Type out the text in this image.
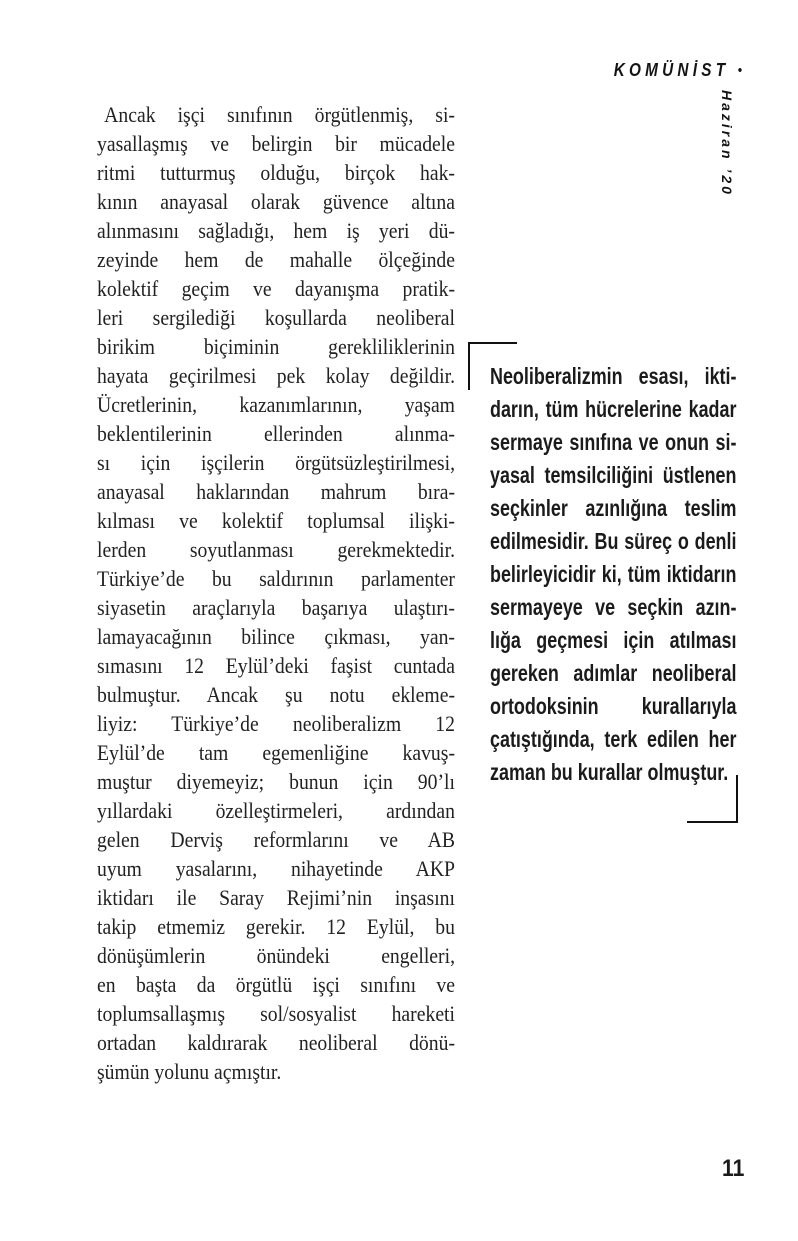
KOMÜNİST •
Haziran ’20
Ancak işçi sınıfının örgütlenmiş, si-
yasallaşmış ve belirgin bir mücadele
ritmi tutturmuş olduğu, birçok hak-
kının anayasal olarak güvence altına
alınmasını sağladığı, hem iş yeri dü-
zeyinde hem de mahalle ölçeğinde
kolektif geçim ve dayanışma pratik-
leri sergilediği koşullarda neoliberal
birikim biçiminin gerekliliklerinin
hayata geçirilmesi pek kolay değildir.
Ücretlerinin, kazanımlarının, yaşam
beklentilerinin ellerinden alınma-
sı için işçilerin örgütsüzleştirilmesi,
anayasal haklarından mahrum bıra-
kılması ve kolektif toplumsal ilişki-
lerden soyutlanması gerekmektedir.
Türkiye’de bu saldırının parlamenter
siyasetin araçlarıyla başarıya ulaştırı-
lamayacağının bilince çıkması, yan-
sımasını 12 Eylül’deki faşist cuntada
bulmuştur. Ancak şu notu ekleme-
liyiz: Türkiye’de neoliberalizm 12
Eylül’de tam egemenliğine kavuş-
muştur diyemeyiz; bunun için 90’lı
yıllardaki özelleştirmeleri, ardından
gelen Derviş reformlarını ve AB
uyum yasalarını, nihayetinde AKP
iktidarı ile Saray Rejimi’nin inşasını
takip etmemiz gerekir. 12 Eylül, bu
dönüşümlerin önündeki engelleri,
en başta da örgütlü işçi sınıfını ve
toplumsallaşmış sol/sosyalist hareketi
ortadan kaldırarak neoliberal dönü-
şümün yolunu açmıştır.
Neoliberalizmin esası, ikti-
darın, tüm hücrelerine kadar
sermaye sınıfına ve onun si-
yasal temsilciliğini üstlenen
seçkinler azınlığına teslim
edilmesidir. Bu süreç o denli
belirleyicidir ki, tüm iktidarın
sermayeye ve seçkin azın-
lığa geçmesi için atılması
gereken adımlar neoliberal
ortodoksinin kurallarıyla
çatıştığında, terk edilen her
zaman bu kurallar olmuştur.
11
